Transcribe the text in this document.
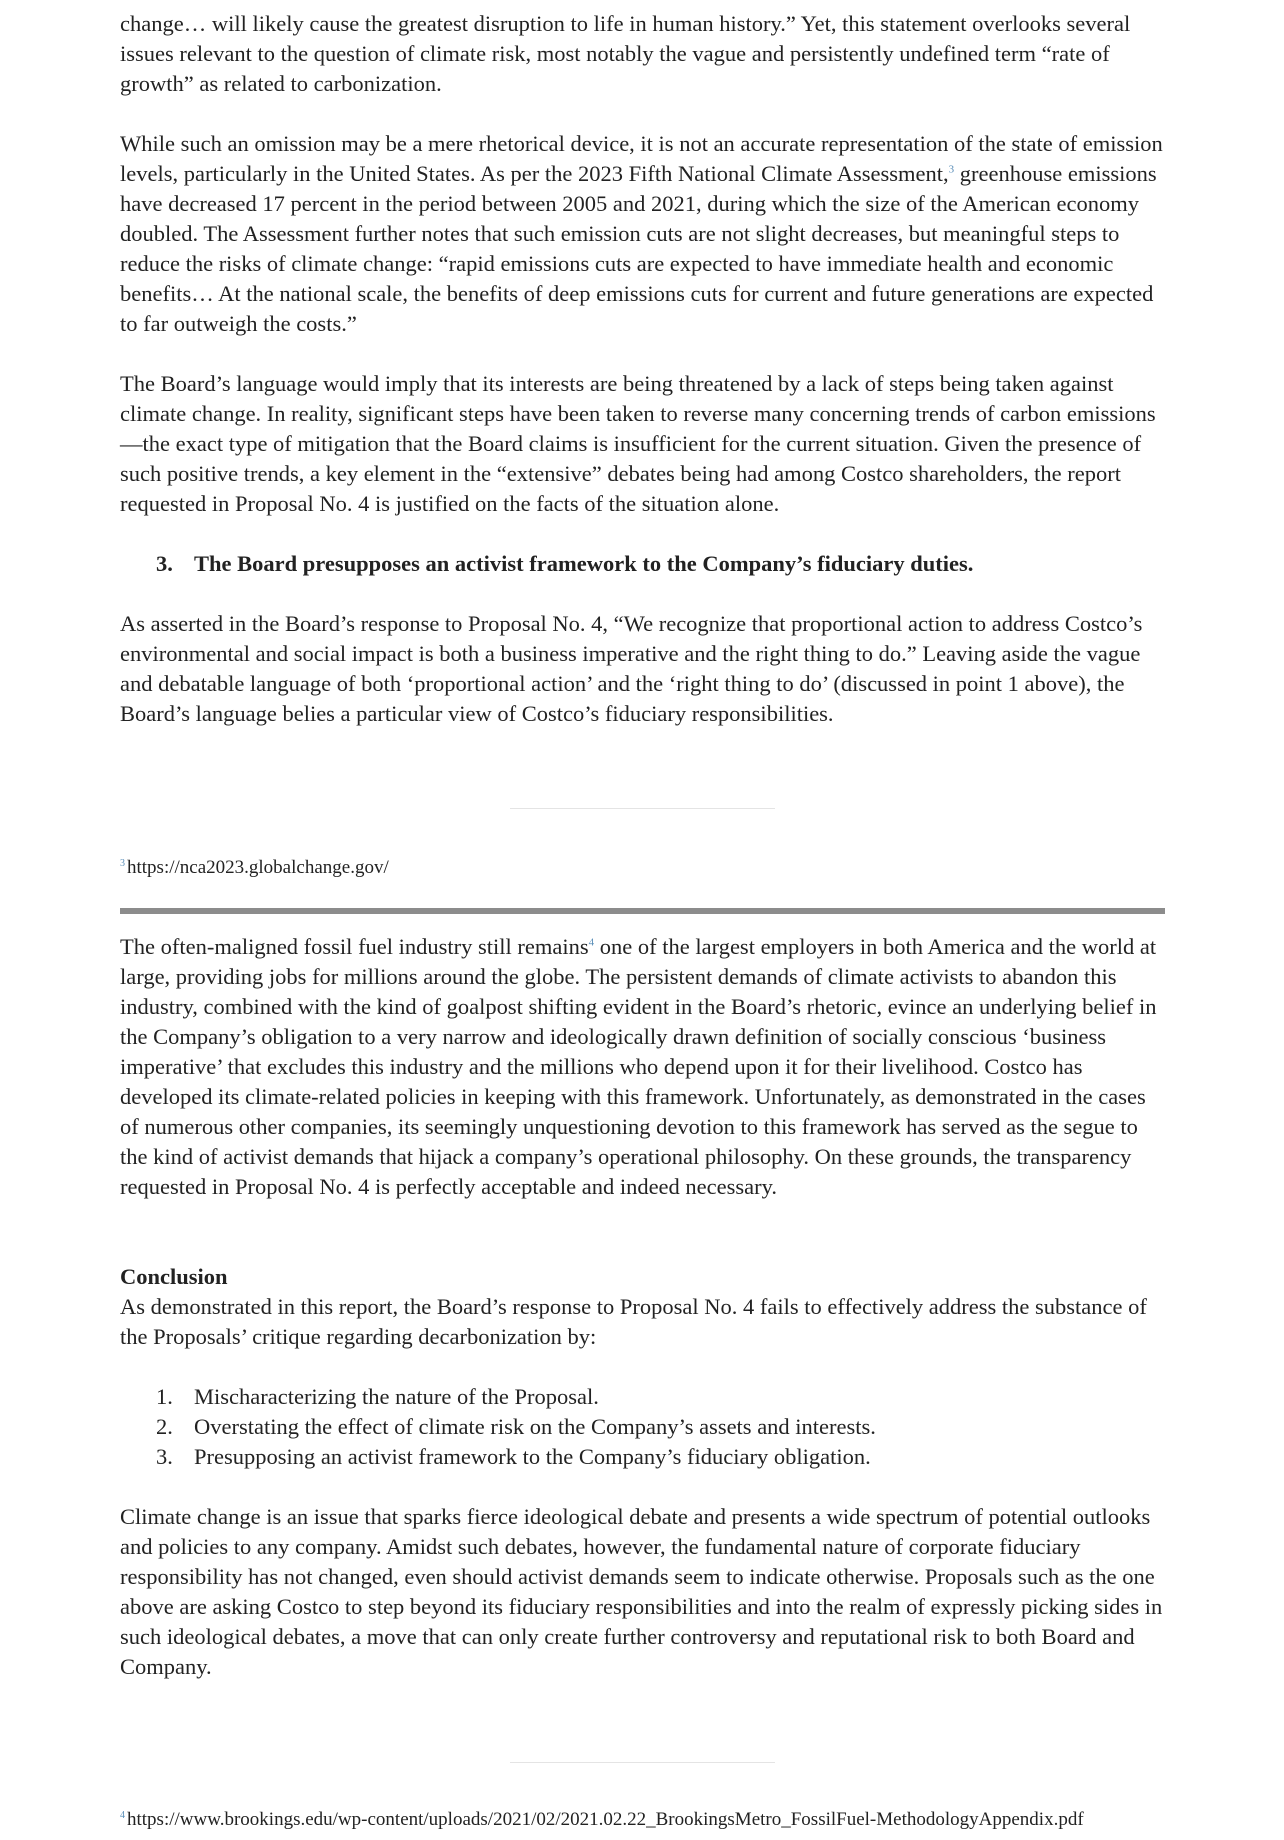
change… will likely cause the greatest disruption to life in human history.” Yet, this statement overlooks several issues relevant to the question of climate risk, most notably the vague and persistently undefined term “rate of growth” as related to carbonization.

While such an omission may be a mere rhetorical device, it is not an accurate representation of the state of emission levels, particularly in the United States. As per the 2023 Fifth National Climate Assessment,$^3$ greenhouse emissions have decreased 17 percent in the period between 2005 and 2021, during which the size of the American economy doubled. The Assessment further notes that such emission cuts are not slight decreases, but meaningful steps to reduce the risks of climate change: “rapid emissions cuts are expected to have immediate health and economic benefits… At the national scale, the benefits of deep emissions cuts for current and future generations are expected to far outweigh the costs.”

The Board’s language would imply that its interests are being threatened by a lack of steps being taken against climate change. In reality, significant steps have been taken to reverse many concerning trends of carbon emissions—the exact type of mitigation that the Board claims is insufficient for the current situation. Given the presence of such positive trends, a key element in the “extensive” debates being had among Costco shareholders, the report requested in Proposal No. 4 is justified on the facts of the situation alone.

3. The Board presupposes an activist framework to the Company’s fiduciary duties.

As asserted in the Board’s response to Proposal No. 4, “We recognize that proportional action to address Costco’s environmental and social impact is both a business imperative and the right thing to do.” Leaving aside the vague and debatable language of both ‘proportional action’ and the ‘right thing to do’ (discussed in point 1 above), the Board’s language belies a particular view of Costco’s fiduciary responsibilities.

$^3$ https://nca2023.globalchange.gov/

The often-maligned fossil fuel industry still remains$^4$ one of the largest employers in both America and the world at large, providing jobs for millions around the globe. The persistent demands of climate activists to abandon this industry, combined with the kind of goalpost shifting evident in the Board’s rhetoric, evince an underlying belief in the Company’s obligation to a very narrow and ideologically drawn definition of socially conscious ‘business imperative’ that excludes this industry and the millions who depend upon it for their livelihood. Costco has developed its climate-related policies in keeping with this framework. Unfortunately, as demonstrated in the cases of numerous other companies, its seemingly unquestioning devotion to this framework has served as the segue to the kind of activist demands that hijack a company’s operational philosophy. On these grounds, the transparency requested in Proposal No. 4 is perfectly acceptable and indeed necessary.

Conclusion

As demonstrated in this report, the Board’s response to Proposal No. 4 fails to effectively address the substance of the Proposals’ critique regarding decarbonization by:

1. Mischaracterizing the nature of the Proposal.
2. Overstating the effect of climate risk on the Company’s assets and interests.
3. Presupposing an activist framework to the Company’s fiduciary obligation.

Climate change is an issue that sparks fierce ideological debate and presents a wide spectrum of potential outlooks and policies to any company. Amidst such debates, however, the fundamental nature of corporate fiduciary responsibility has not changed, even should activist demands seem to indicate otherwise. Proposals such as the one above are asking Costco to step beyond its fiduciary responsibilities and into the realm of expressly picking sides in such ideological debates, a move that can only create further controversy and reputational risk to both Board and Company.

$^4$ https://www.brookings.edu/wp-content/uploads/2021/02/2021.02.22_BrookingsMetro_FossilFuel-MethodologyAppendix.pdf
